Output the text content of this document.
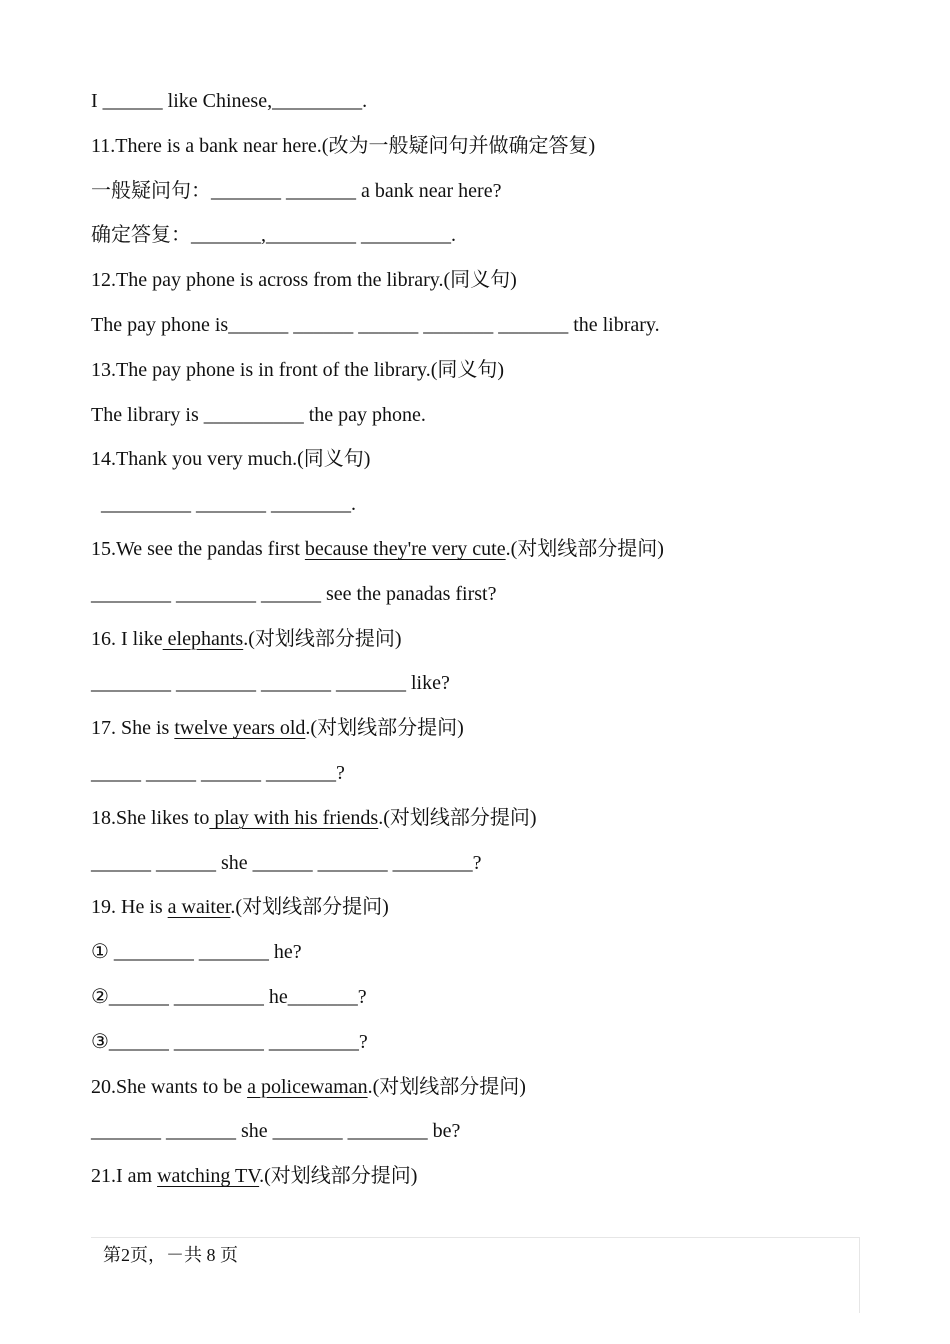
I ______ like Chinese,_________.
11.There is a bank near here.(改为一般疑问句并做确定答复)
一般疑问句：_______ _______ a bank near here?
确定答复：_______,_________ _________.
12.The pay phone is across from the library.(同义句)
The pay phone is______ ______ ______ _______ _______ the library.
13.The pay phone is in front of the library.(同义句)
The library is __________ the pay phone.
14.Thank you very much.(同义句)
_________ _______ ________.
15.We see the pandas first because they're very cute.(对划线部分提问)
________ ________ ______ see the panadas first?
16. I like elephants.(对划线部分提问)
________ ________ _______ _______ like?
17. She is twelve years old.(对划线部分提问)
_____ _____ ______ _______?
18.She likes to play with his friends.(对划线部分提问)
______ ______ she ______ _______ ________?
19. He is a waiter.(对划线部分提问)
① ________ _______ he?
②______ _________ he_______?
③______ _________ _________?
20.She wants to be a policewaman.(对划线部分提问)
_______ _______ she _______ ________ be?
21.I am watching TV.(对划线部分提问)
第2页，－共 8 页
